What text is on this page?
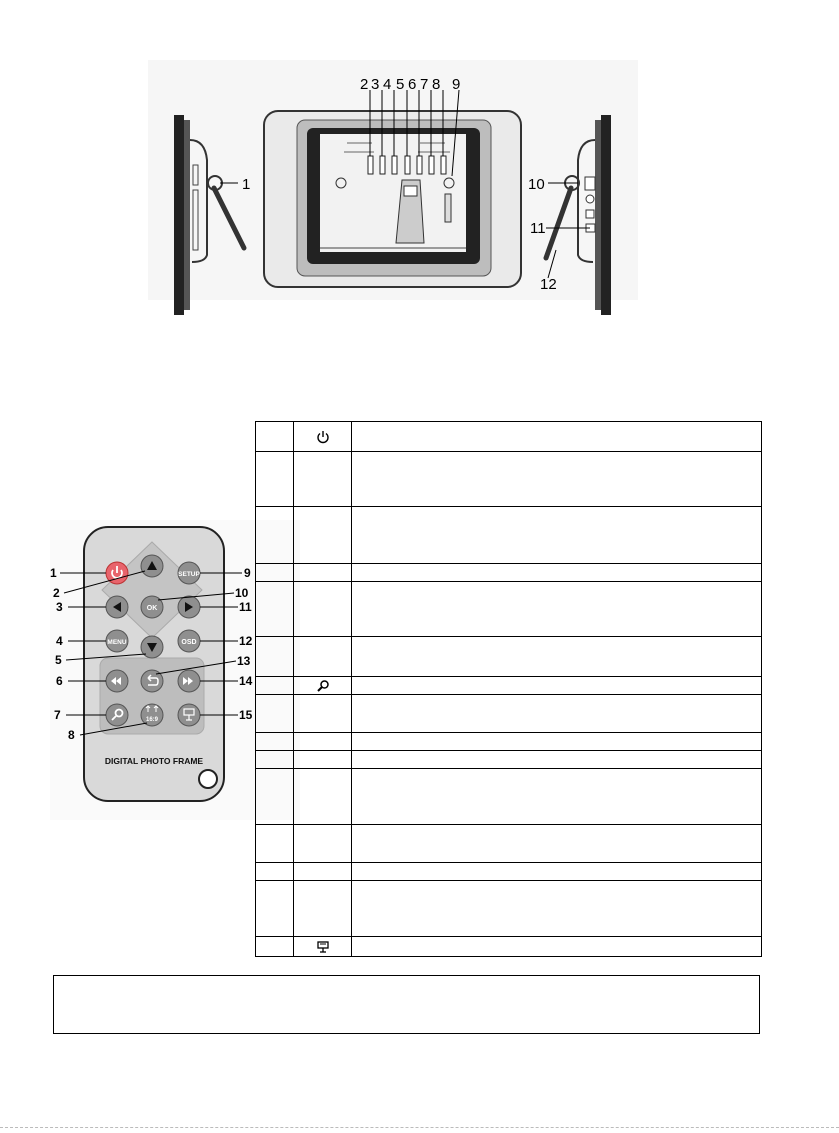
1
2 3 4 5 6 7 8 9
10
11
12
SETUP
OK
MENU	OSD
16:9
DIGITAL PHOTO FRAME
1
2
3
4
5
6
7
8
9
10
11
12
13
14
15
